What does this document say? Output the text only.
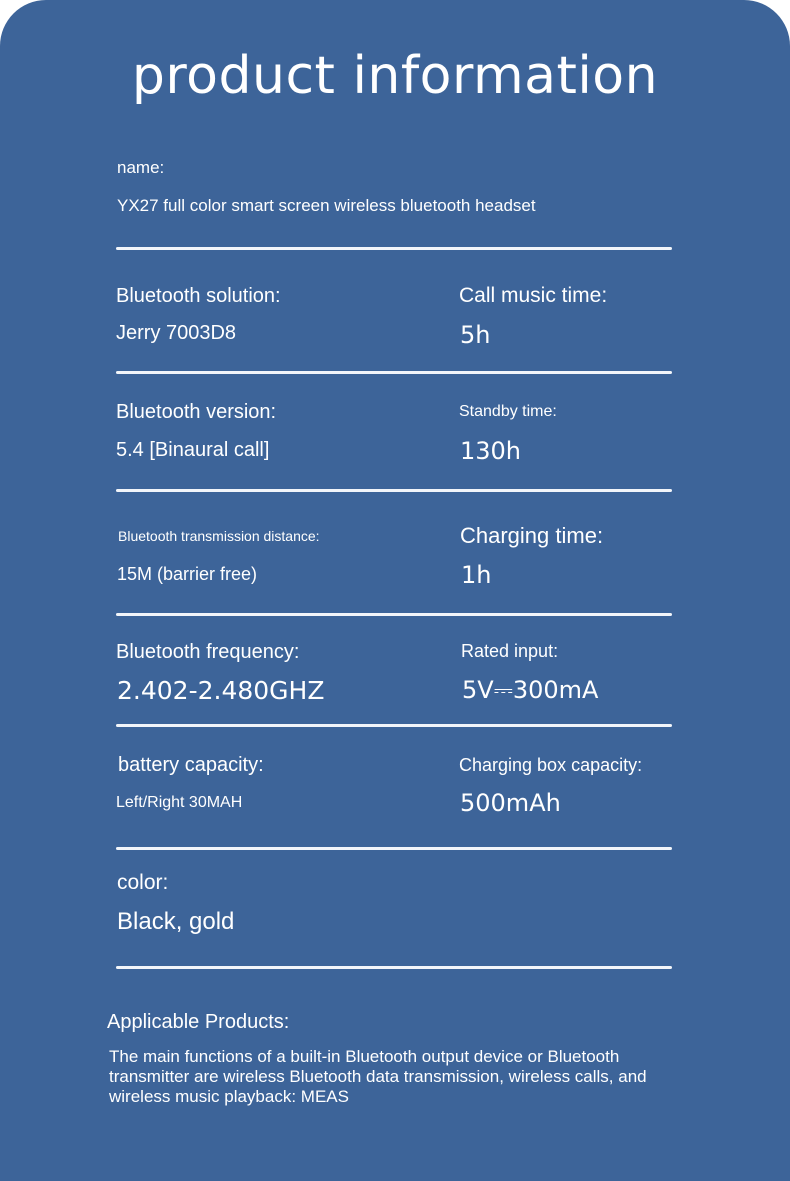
product information
name:
YX27 full color smart screen wireless bluetooth headset
Bluetooth solution:
Jerry 7003D8
Call music time:
5h
Bluetooth version:
5.4 [Binaural call]
Standby time:
130h
Bluetooth transmission distance:
15M (barrier free)
Charging time:
1h
Bluetooth frequency:
2.402-2.480GHZ
Rated input:
5V⎓300mA
battery capacity:
Left/Right 30MAH
Charging box capacity:
500mAh
color:
Black, gold
Applicable Products:
The main functions of a built-in Bluetooth output device or Bluetooth transmitter are wireless Bluetooth data transmission, wireless calls, and wireless music playback: MEAS
